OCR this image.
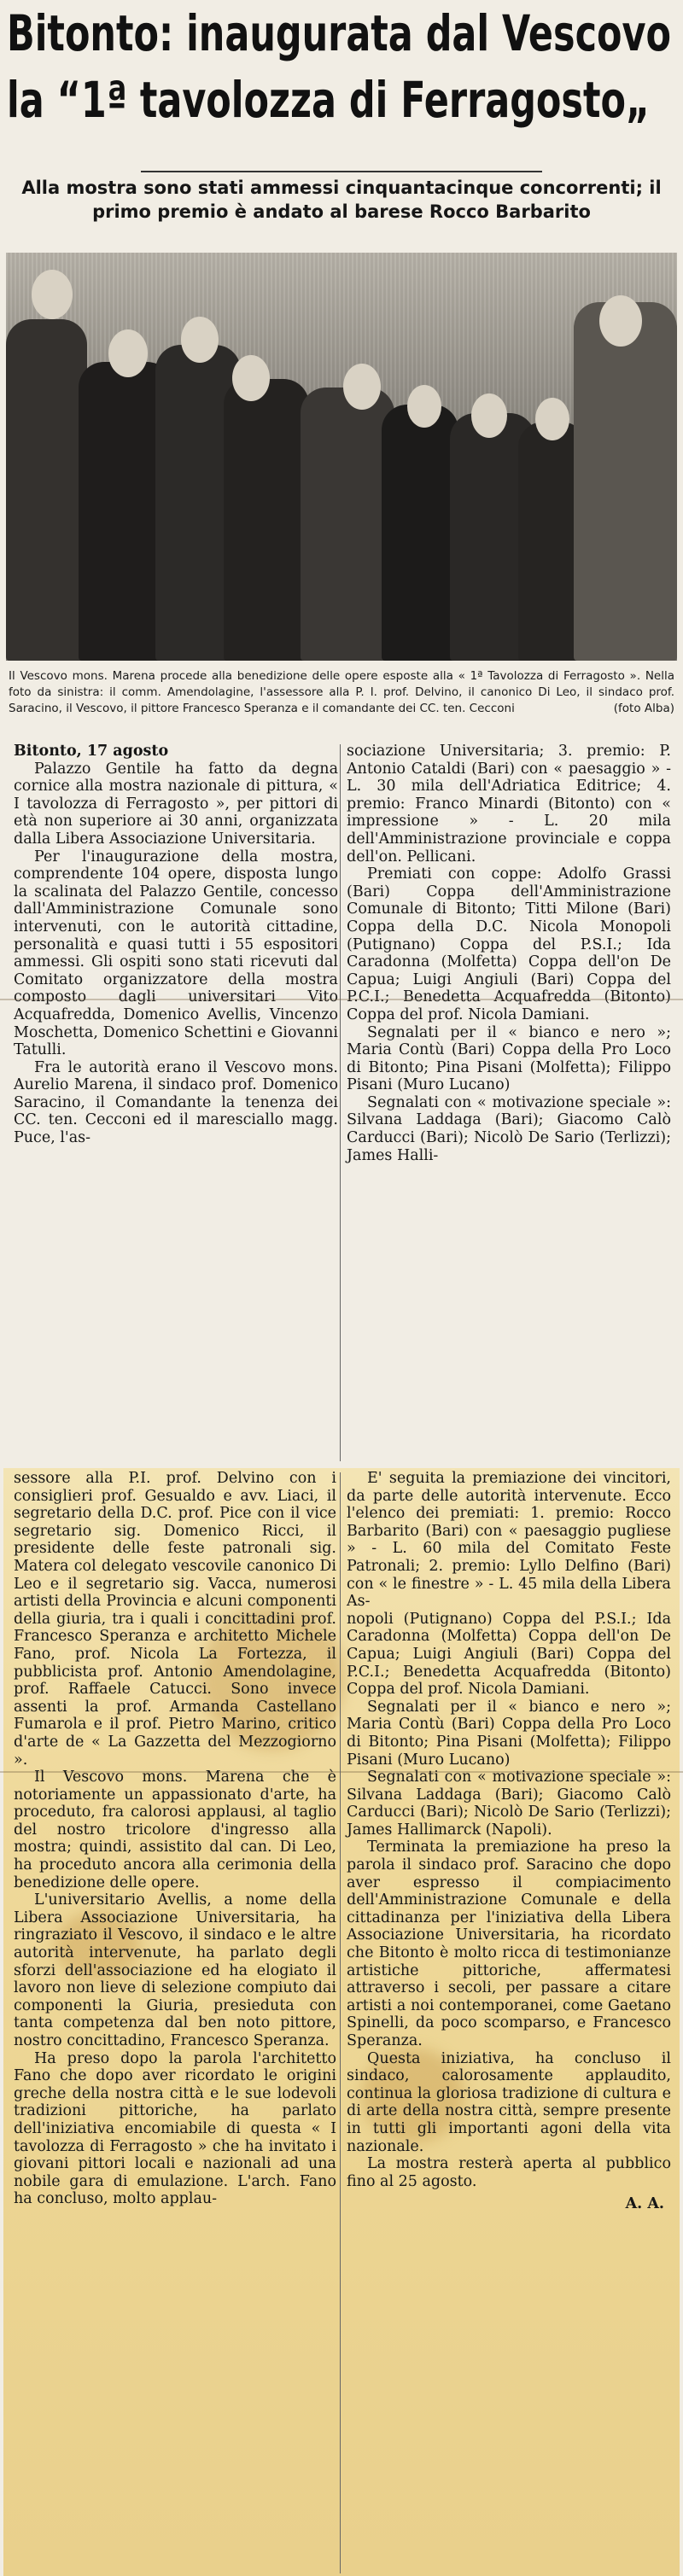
Bitonto: inaugurata dal Vescovo
la “1ª tavolozza di Ferragosto„
Alla mostra sono stati ammessi cinquantacinque concorrenti; il primo premio è andato al barese Rocco Barbarito
Il Vescovo mons. Marena procede alla benedizione delle opere esposte alla « 1ª Tavolozza di Ferragosto ». Nella foto da sinistra: il comm. Amendolagine, l'assessore alla P. I. prof. Delvino, il canonico Di Leo, il sindaco prof. Saracino, il Vescovo, il pittore Francesco Speranza e il comandante dei CC. ten. Cecconi	(foto Alba)

Bitonto, 17 agosto

Palazzo Gentile ha fatto da degna cornice alla mostra nazionale di pittura, « I tavolozza di Ferragosto », per pittori di età non superiore ai 30 anni, organizzata dalla Libera Associazione Universitaria.

Per l'inaugurazione della mostra, comprendente 104 opere, disposta lungo la scalinata del Palazzo Gentile, concesso dall'Amministrazione Comunale sono intervenuti, con le autorità cittadine, personalità e quasi tutti i 55 espositori ammessi. Gli ospiti sono stati ricevuti dal Comitato organizzatore della mostra composto dagli universitari Vito Acquafredda, Domenico Avellis, Vincenzo Moschetta, Domenico Schettini e Giovanni Tatulli.

Fra le autorità erano il Vescovo mons. Aurelio Marena, il sindaco prof. Domenico Saracino, il Comandante la tenenza dei CC. ten. Cecconi ed il maresciallo magg. Puce, l'as-

sociazione Universitaria; 3. premio: P. Antonio Cataldi (Bari) con « paesaggio » - L. 30 mila dell'Adriatica Editrice; 4. premio: Franco Minardi (Bitonto) con « impressione » - L. 20 mila dell'Amministrazione provinciale e coppa dell'on. Pellicani.

Premiati con coppe: Adolfo Grassi (Bari) Coppa dell'Amministrazione Comunale di Bitonto; Titti Milone (Bari) Coppa della D.C. Nicola Monopoli (Putignano) Coppa del P.S.I.; Ida Caradonna (Molfetta) Coppa dell'on De Capua; Luigi Angiuli (Bari) Coppa del P.C.I.; Benedetta Acquafredda (Bitonto) Coppa del prof. Nicola Damiani.

Segnalati per il « bianco e nero »; Maria Contù (Bari) Coppa della Pro Loco di Bitonto; Pina Pisani (Molfetta); Filippo Pisani (Muro Lucano)

Segnalati con « motivazione speciale »: Silvana Laddaga (Bari); Giacomo Calò Carducci (Bari); Nicolò De Sario (Terlizzi); James Halli-

sessore alla P.I. prof. Delvino con i consiglieri prof. Gesualdo e avv. Liaci, il segretario della D.C. prof. Pice con il vice segretario sig. Domenico Ricci, il presidente delle feste patronali sig. Matera col delegato vescovile canonico Di Leo e il segretario sig. Vacca, numerosi artisti della Provincia e alcuni componenti della giuria, tra i quali i concittadini prof. Francesco Speranza e architetto Michele Fano, prof. Nicola La Fortezza, il pubblicista prof. Antonio Amendolagine, prof. Raffaele Catucci. Sono invece assenti la prof. Armanda Castellano Fumarola e il prof. Pietro Marino, critico d'arte de « La Gazzetta del Mezzogiorno ».

Il Vescovo mons. Marena che è notoriamente un appassionato d'arte, ha proceduto, fra calorosi applausi, al taglio del nostro tricolore d'ingresso alla mostra; quindi, assistito dal can. Di Leo, ha proceduto ancora alla cerimonia della benedizione delle opere.

L'universitario Avellis, a nome della Libera Associazione Universitaria, ha ringraziato il Vescovo, il sindaco e le altre autorità intervenute, ha parlato degli sforzi dell'associazione ed ha elogiato il lavoro non lieve di selezione compiuto dai componenti la Giuria, presieduta con tanta competenza dal ben noto pittore, nostro concittadino, Francesco Speranza.

Ha preso dopo la parola l'architetto Fano che dopo aver ricordato le origini greche della nostra città e le sue lodevoli tradizioni pittoriche, ha parlato dell'iniziativa encomiabile di questa « I tavolozza di Ferragosto » che ha invitato i giovani pittori locali e nazionali ad una nobile gara di emulazione. L'arch. Fano ha concluso, molto applau-

E' seguita la premiazione dei vincitori, da parte delle autorità intervenute. Ecco l'elenco dei premiati: 1. premio: Rocco Barbarito (Bari) con « paesaggio pugliese » - L. 60 mila del Comitato Feste Patronali; 2. premio: Lyllo Delfino (Bari) con « le finestre » - L. 45 mila della Libera As-

nopoli (Putignano) Coppa del P.S.I.; Ida Caradonna (Molfetta) Coppa dell'on De Capua; Luigi Angiuli (Bari) Coppa del P.C.I.; Benedetta Acquafredda (Bitonto) Coppa del prof. Nicola Damiani.

Segnalati per il « bianco e nero »; Maria Contù (Bari) Coppa della Pro Loco di Bitonto; Pina Pisani (Molfetta); Filippo Pisani (Muro Lucano)

Segnalati con « motivazione speciale »: Silvana Laddaga (Bari); Giacomo Calò Carducci (Bari); Nicolò De Sario (Terlizzi); James Hallimarck (Napoli).

Terminata la premiazione ha preso la parola il sindaco prof. Saracino che dopo aver espresso il compiacimento dell'Amministrazione Comunale e della cittadinanza per l'iniziativa della Libera Associazione Universitaria, ha ricordato che Bitonto è molto ricca di testimonianze artistiche pittoriche, affermatesi attraverso i secoli, per passare a citare artisti a noi contemporanei, come Gaetano Spinelli, da poco scomparso, e Francesco Speranza.

Questa iniziativa, ha concluso il sindaco, calorosamente applaudito, continua la gloriosa tradizione di cultura e di arte della nostra città, sempre presente in tutti gli importanti agoni della vita nazionale.

La mostra resterà aperta al pubblico fino al 25 agosto.

A. A.
